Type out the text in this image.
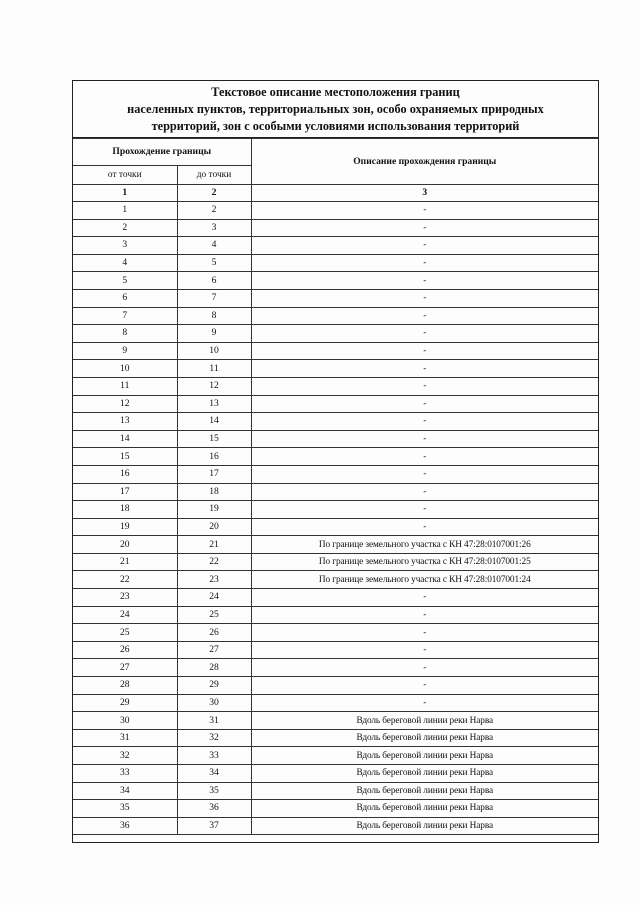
Текстовое описание местоположения границ
населенных пунктов, территориальных зон, особо охраняемых природных
территорий, зон с особыми условиями использования территорий
Прохождение границы		Описание прохождения границы
от точки	до точки	
1	2	3
1	2	-
2	3	-
3	4	-
4	5	-
5	6	-
6	7	-
7	8	-
8	9	-
9	10	-
10	11	-
11	12	-
12	13	-
13	14	-
14	15	-
15	16	-
16	17	-
17	18	-
18	19	-
19	20	-
20	21	По границе земельного участка с КН 47:28:0107001:26
21	22	По границе земельного участка с КН 47:28:0107001:25
22	23	По границе земельного участка с КН 47:28:0107001:24
23	24	-
24	25	-
25	26	-
26	27	-
27	28	-
28	29	-
29	30	-
30	31	Вдоль береговой линии реки Нарва
31	32	Вдоль береговой линии реки Нарва
32	33	Вдоль береговой линии реки Нарва
33	34	Вдоль береговой линии реки Нарва
34	35	Вдоль береговой линии реки Нарва
35	36	Вдоль береговой линии реки Нарва
36	37	Вдоль береговой линии реки Нарва
